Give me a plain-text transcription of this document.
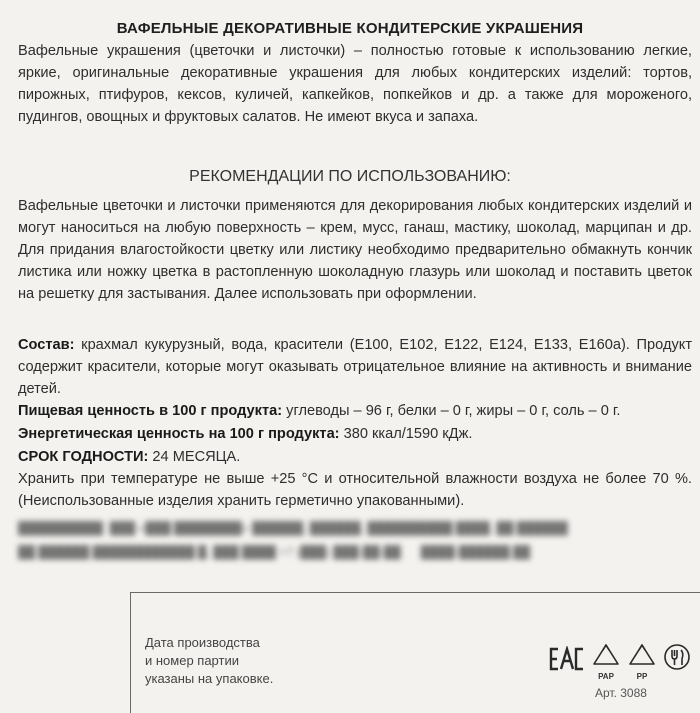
ВАФЕЛЬНЫЕ ДЕКОРАТИВНЫЕ КОНДИТЕРСКИЕ УКРАШЕНИЯ
Вафельные украшения (цветочки и листочки) – полностью готовые к использованию легкие, яркие, оригинальные декоративные украшения для любых кондитерских изделий: тортов, пирожных, птифуров, кексов, куличей, капкейков, попкейков и др. а также для мороженого, пудингов, овощных и фруктовых салатов. Не имеют вкуса и запаха.
РЕКОМЕНДАЦИИ ПО ИСПОЛЬЗОВАНИЮ:
Вафельные цветочки и листочки применяются для декорирования любых кондитерских изделий и могут наноситься на любую поверхность – крем, мусс, ганаш, мастику, шоколад, марципан и др. Для придания влагостойкости цветку или листику необходимо предварительно обмакнуть кончик листика или ножку цветка в растопленную шоколадную глазурь или шоколад и поставить цветок на решетку для застывания. Далее использовать при оформлении.
Состав: крахмал кукурузный, вода, красители (Е100, Е102, Е122, Е124, Е133, Е160а). Продукт содержит красители, которые могут оказывать отрицательное влияние на активность и внимание детей.
Пищевая ценность в 100 г продукта: углеводы – 96 г, белки – 0 г, жиры – 0 г, соль – 0 г.
Энергетическая ценность на 100 г продукта: 380 ккал/1590 кДж.
СРОК ГОДНОСТИ: 24 МЕСЯЦА.
Хранить при температуре не выше +25 °С и относительной влажности воздуха не более 70 %. (Неиспользованные изделия хранить герметично упакованными).
██████████  ███ «███ ████████» ██████, ██████, ██████████ ████, ██ ██████
██ ██████ ████████████ █, ███ ████ +7 (███) ███-██-██      ████-██████.██
Дата производства
и номер партии
указаны на упаковке.	PAP	PP
Арт. 3088
